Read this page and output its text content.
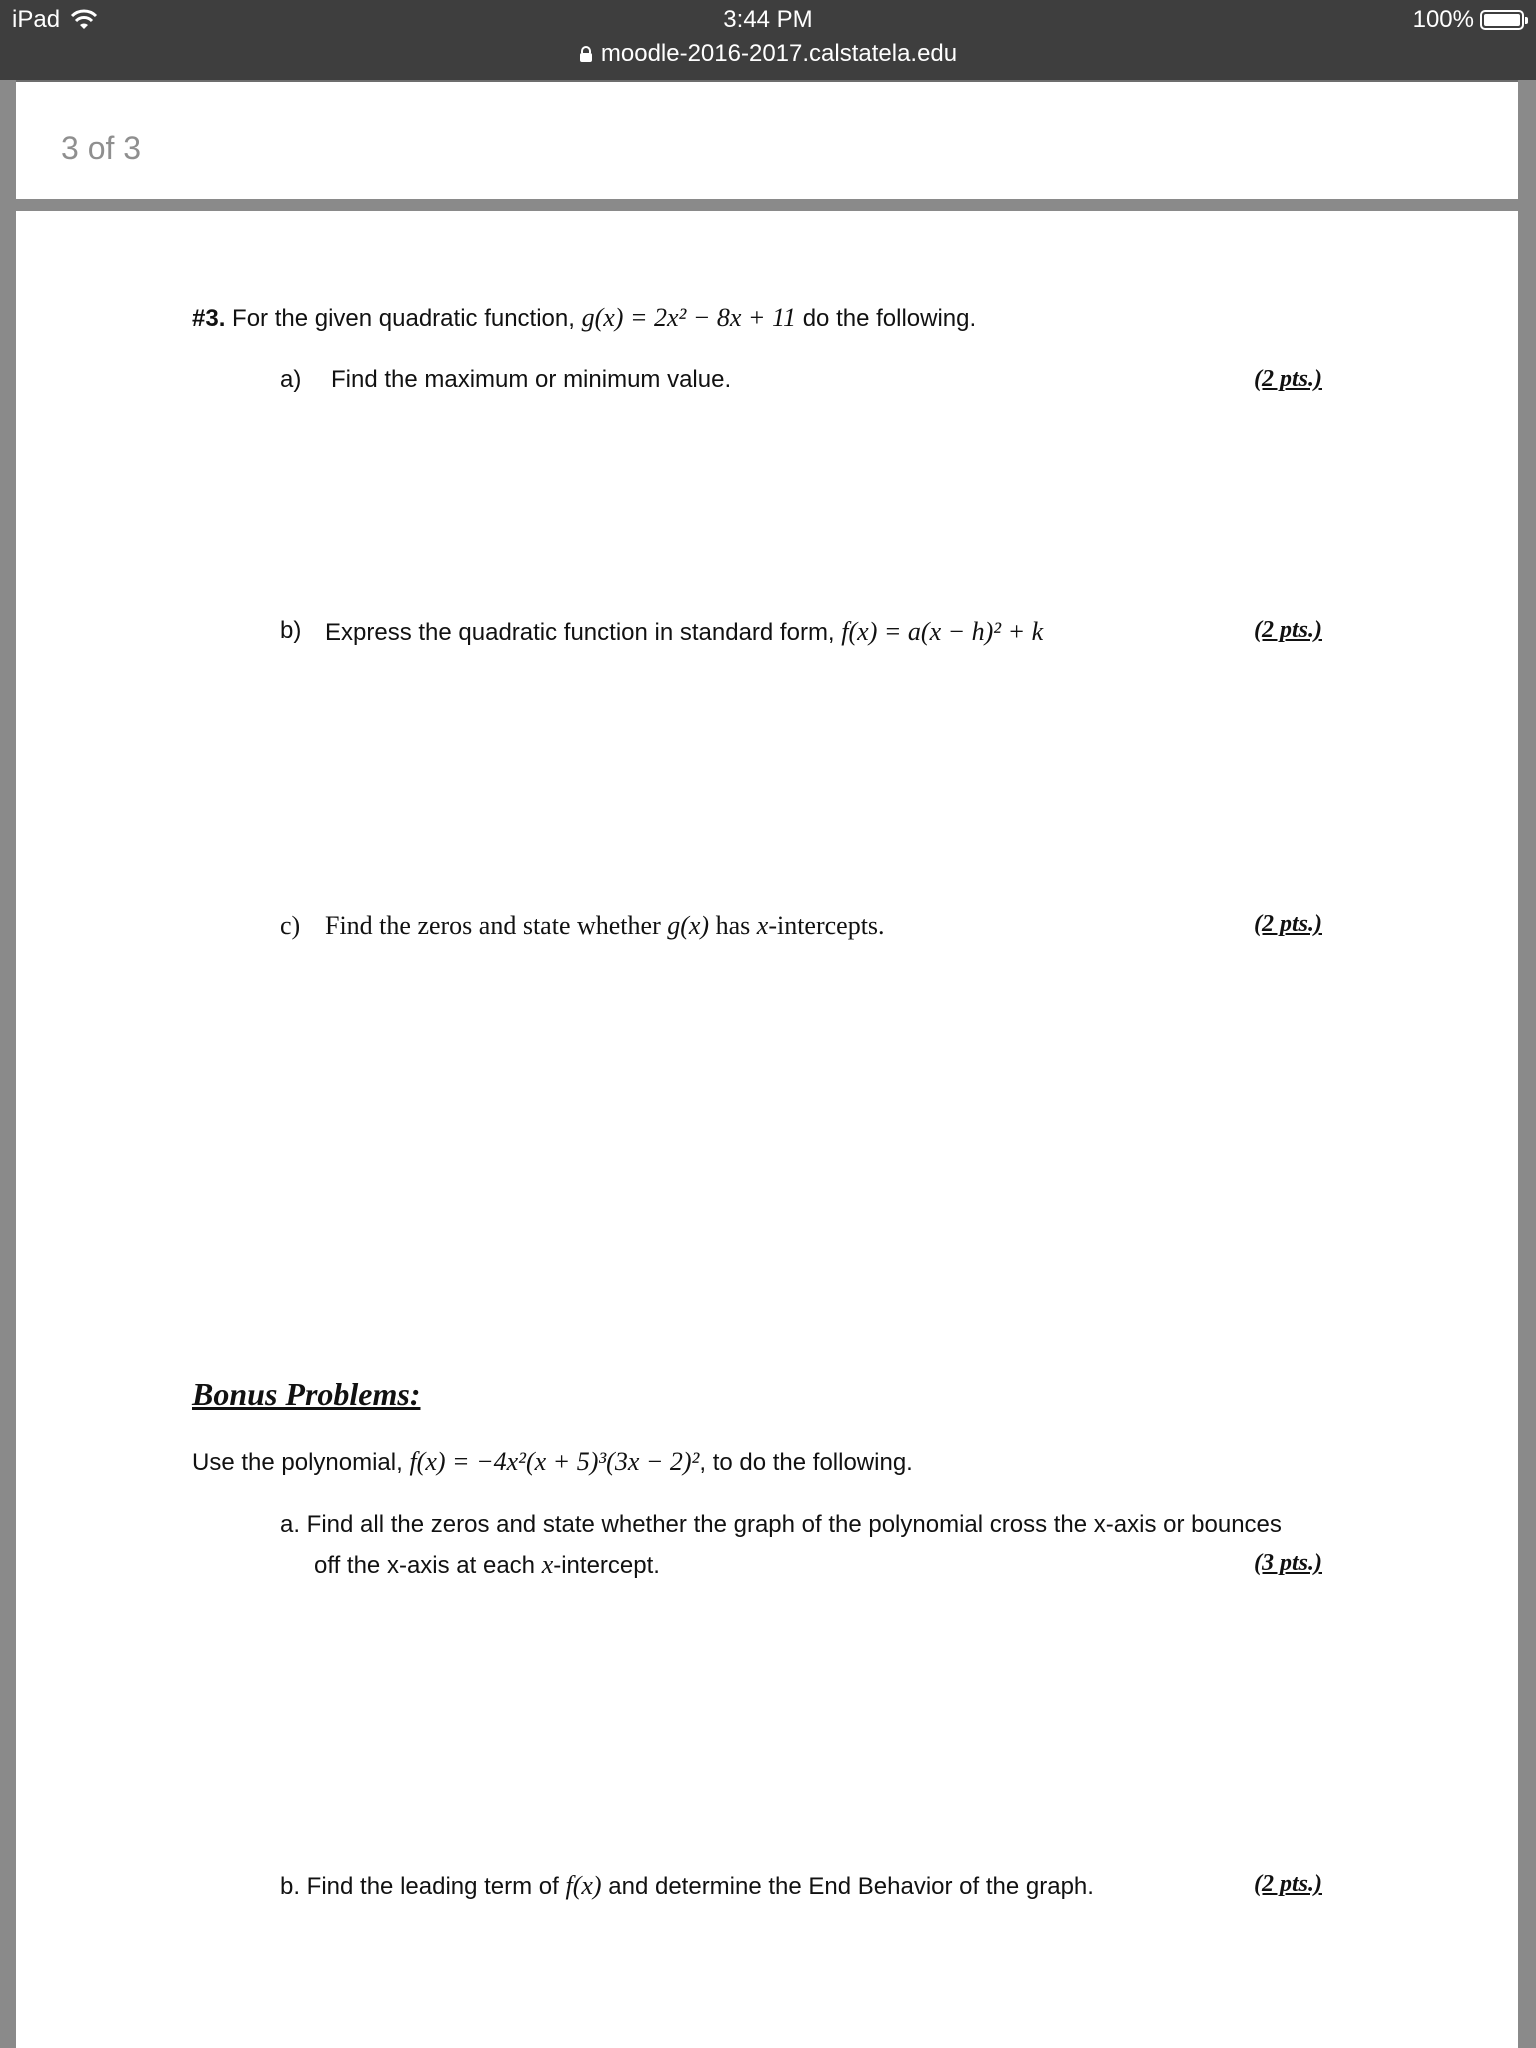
iPad	3:44 PM	100%
moodle-2016-2017.calstatela.edu
3 of 3
#3. For the given quadratic function, g(x) = 2x² − 8x + 11 do the following.
a) Find the maximum or minimum value.	(2 pts.)
b) Express the quadratic function in standard form, f(x) = a(x − h)² + k	(2 pts.)
c) Find the zeros and state whether g(x) has x-intercepts.	(2 pts.)
Bonus Problems:
Use the polynomial, f(x) = −4x²(x + 5)³(3x − 2)², to do the following.
a. Find all the zeros and state whether the graph of the polynomial cross the x-axis or bounces
off the x-axis at each x-intercept.	(3 pts.)
b. Find the leading term of f(x) and determine the End Behavior of the graph.	(2 pts.)
